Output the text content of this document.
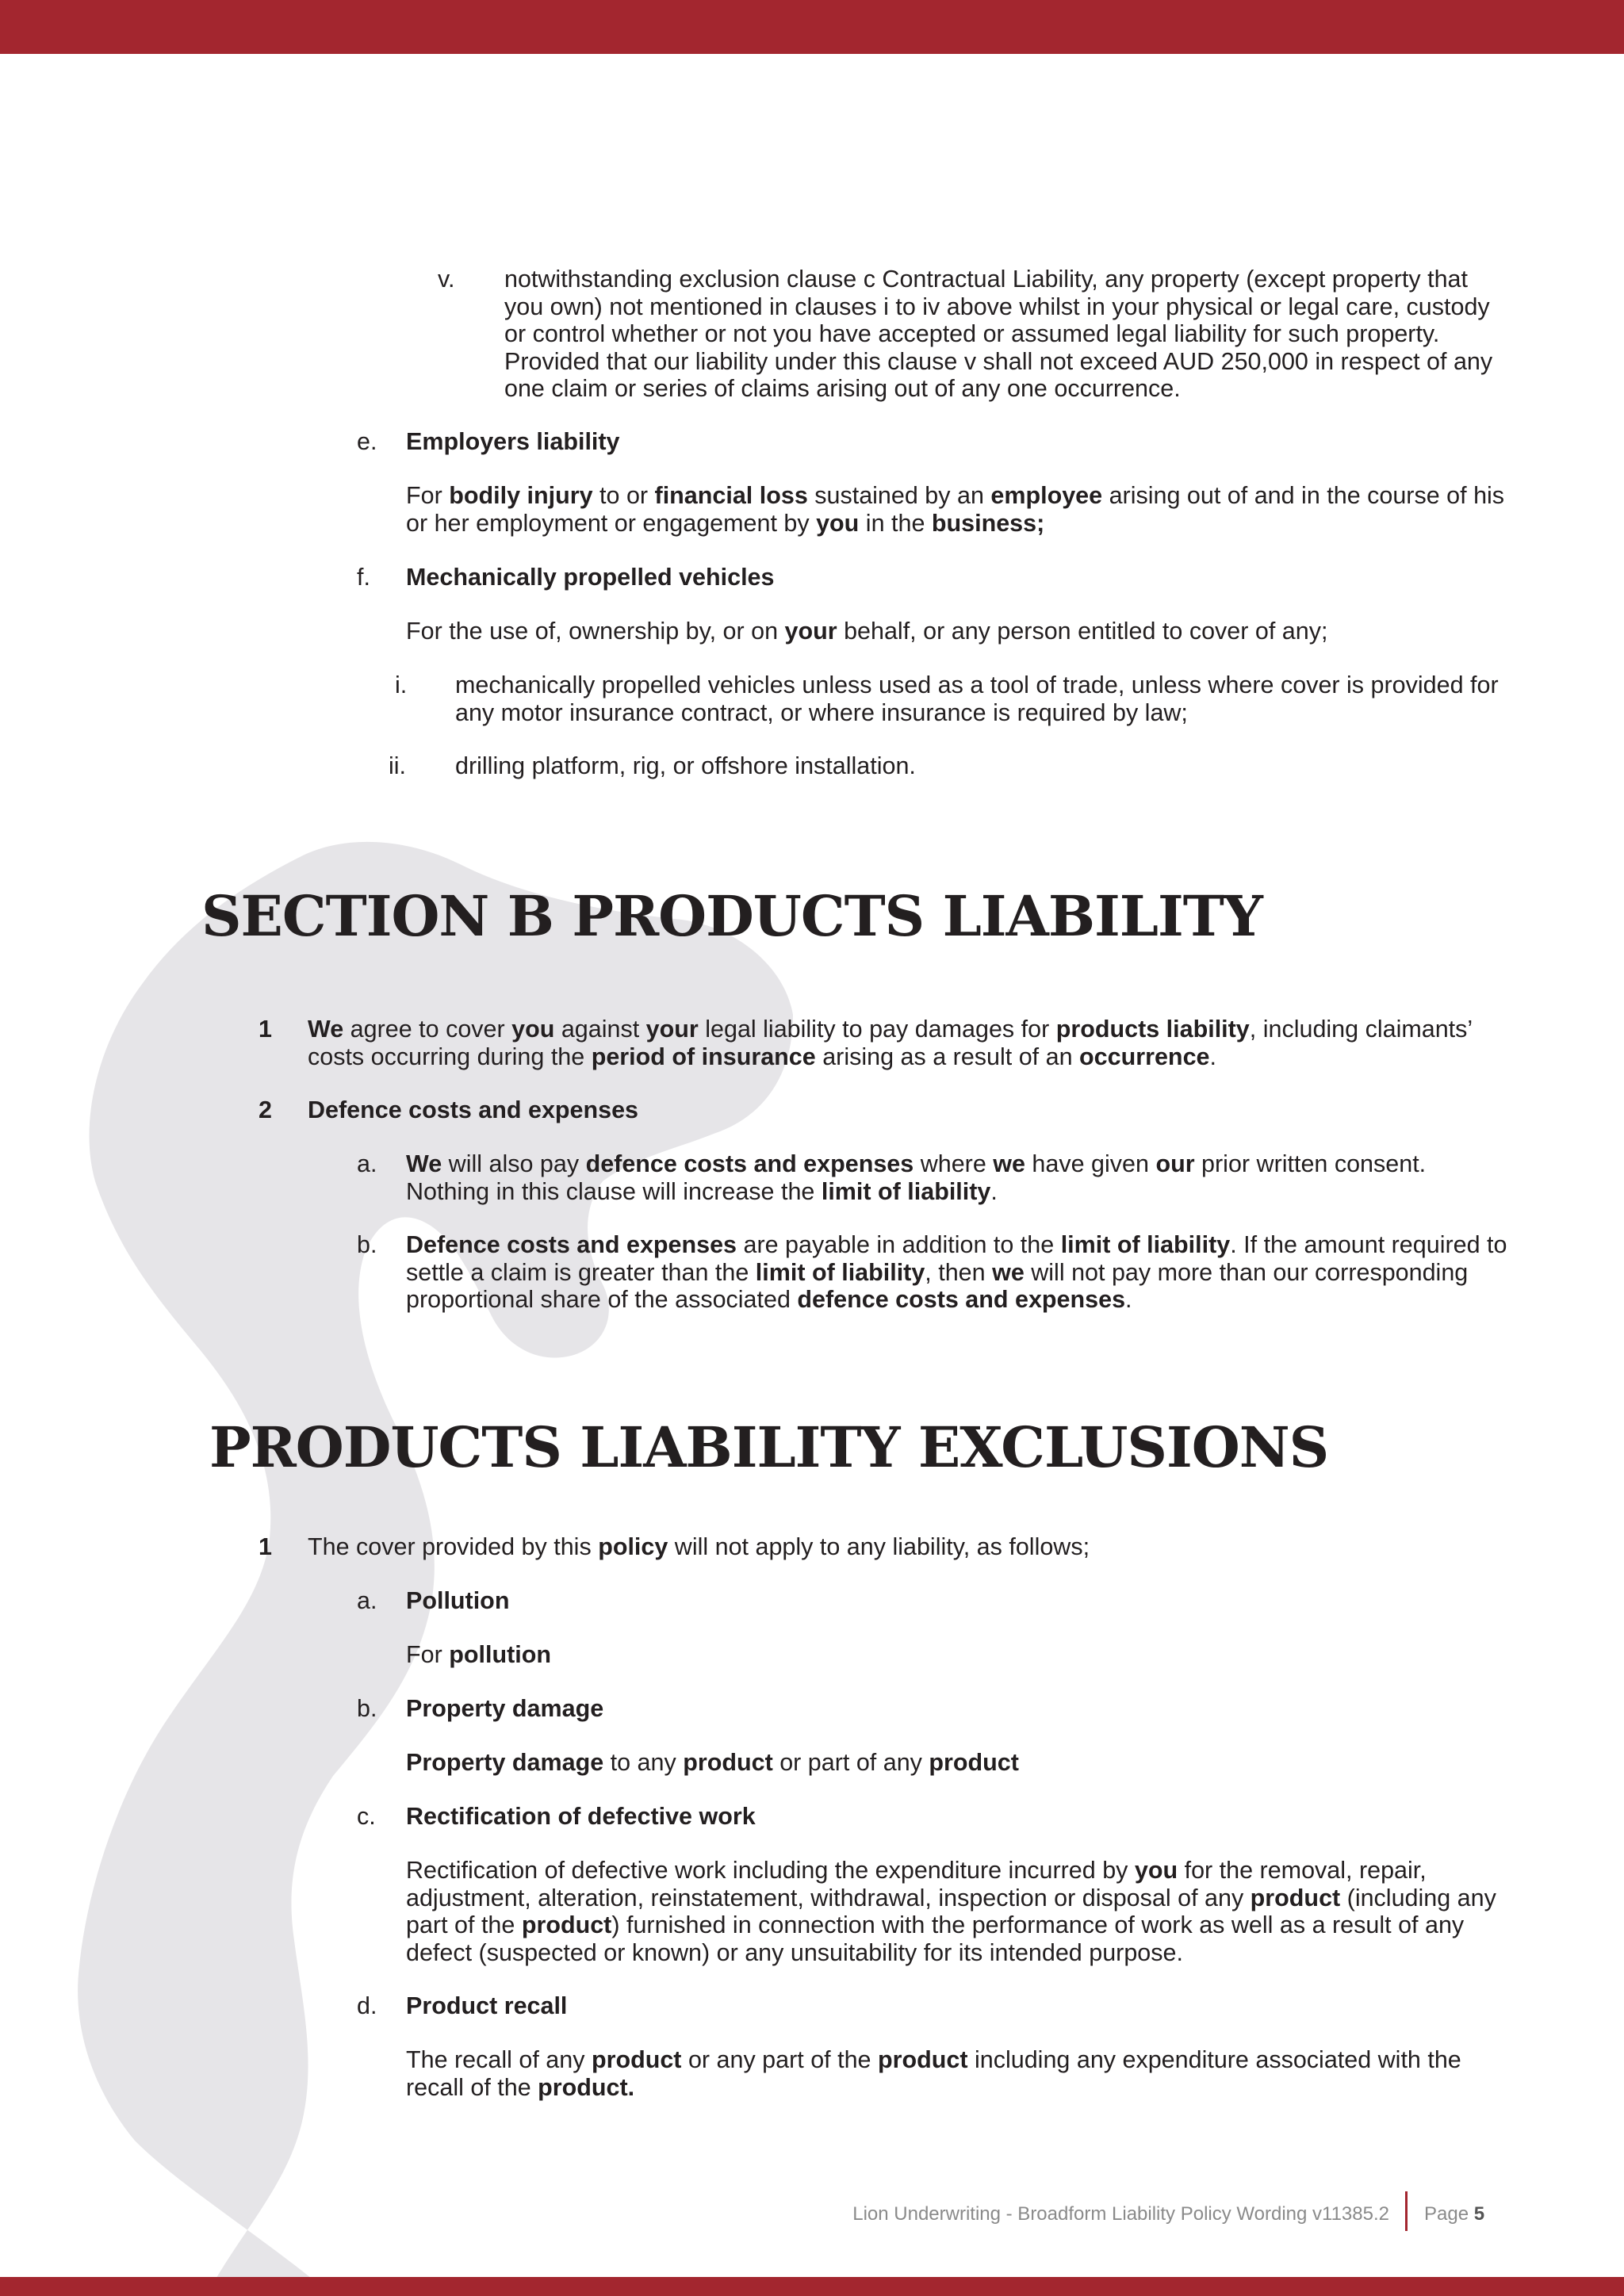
v. notwithstanding exclusion clause c Contractual Liability, any property (except property that you own) not mentioned in clauses i to iv above whilst in your physical or legal care, custody or control whether or not you have accepted or assumed legal liability for such property. Provided that our liability under this clause v shall not exceed AUD 250,000 in respect of any one claim or series of claims arising out of any one occurrence.

e. Employers liability

For bodily injury to or financial loss sustained by an employee arising out of and in the course of his or her employment or engagement by you in the business;

f. Mechanically propelled vehicles

For the use of, ownership by, or on your behalf, or any person entitled to cover of any;

i. mechanically propelled vehicles unless used as a tool of trade, unless where cover is provided for any motor insurance contract, or where insurance is required by law;

ii. drilling platform, rig, or offshore installation.

SECTION B PRODUCTS LIABILITY
1 We agree to cover you against your legal liability to pay damages for products liability, including claimants’ costs occurring during the period of insurance arising as a result of an occurrence.

2 Defence costs and expenses

a. We will also pay defence costs and expenses where we have given our prior written consent. Nothing in this clause will increase the limit of liability.

b. Defence costs and expenses are payable in addition to the limit of liability. If the amount required to settle a claim is greater than the limit of liability, then we will not pay more than our corresponding proportional share of the associated defence costs and expenses.

PRODUCTS LIABILITY EXCLUSIONS
1 The cover provided by this policy will not apply to any liability, as follows;

a. Pollution

For pollution

b. Property damage

Property damage to any product or part of any product

c. Rectification of defective work

Rectification of defective work including the expenditure incurred by you for the removal, repair, adjustment, alteration, reinstatement, withdrawal, inspection or disposal of any product (including any part of the product) furnished in connection with the performance of work as well as a result of any defect (suspected or known) or any unsuitability for its intended purpose.

d. Product recall

The recall of any product or any part of the product including any expenditure associated with the recall of the product.

Lion Underwriting - Broadform Liability Policy Wording v11385.2 Page 5
